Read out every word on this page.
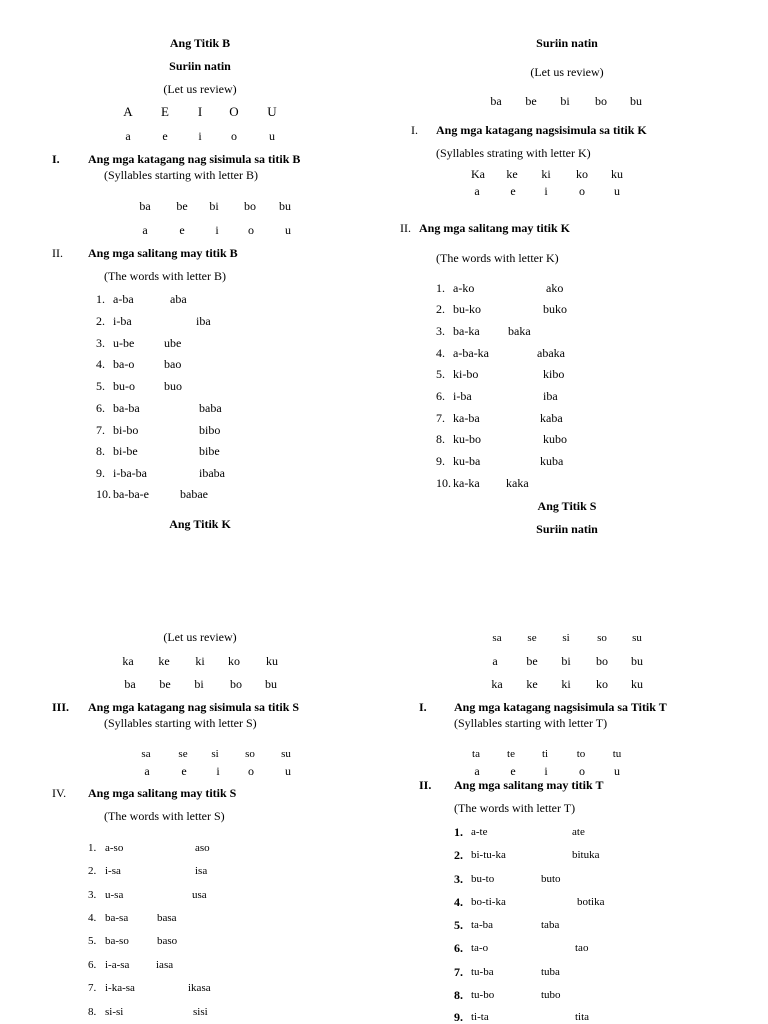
Ang Titik B
Suriin natin
(Let us review)
A E I O U
a	e	i o	u
I. Ang mga katagang nag sisimula sa titik B
(Syllables starting with letter B)
ba be bi bo bu
a	e	i o	u
II. Ang mga salitang may titik B
(The words with letter B)
1. a-ba	aba
2. i-ba	iba
3. u-be ube
4. ba-o bao
5. bu-o buo
6. ba-ba	baba
7. bi-bo	bibo
8. bi-be	bibe
9. i-ba-ba	ibaba
10. ba-ba-e	babae
Ang Titik K
Suriin natin
(Let us review)
ba be bi bo bu
I. Ang mga katagang nagsisimula sa titik K
(Syllables strating with letter K)
Ka ke ki ko ku
a	e i	o u
II. Ang mga salitang may titik K
(The words with letter K)
1. a-ko	ako
2. bu-ko	buko
3. ba-ka baka
4. a-ba-ka	abaka
5. ki-bo	kibo
6. i-ba	iba
7. ka-ba	kaba
8. ku-bo	kubo
9. ku-ba	kuba
10. ka-ka kaka
Ang Titik S
Suriin natin
(Let us review)
ka ke ki ko ku
ba be bi bo bu
III. Ang mga katagang nag sisimula sa titik S
(Syllables starting with letter S)
sa	se si so su
a	e i o	u
IV. Ang mga salitang may titik S
(The words with letter S)
1. a-so	aso
2. i-sa	isa
3. u-sa	usa
4. ba-sa	basa
5. ba-so	baso
6. i-a-sa iasa
7. i-ka-sa	ikasa
8. si-si	sisi
sa se si so su
a be bi bo bu
ka ke ki ko ku
I. Ang mga katagang nagsisimula sa Titik T
(Syllables starting with letter T)
ta te ti	to tu
a	e i	o u
II. Ang mga salitang may titik T
(The words with letter T)
1. a-te	ate
2. bi-tu-ka	bituka
3. bu-to	buto
4. bo-ti-ka	botika
5. ta-ba	taba
6. ta-o	tao
7. tu-ba	tuba
8. tu-bo	tubo
9. ti-ta	tita
